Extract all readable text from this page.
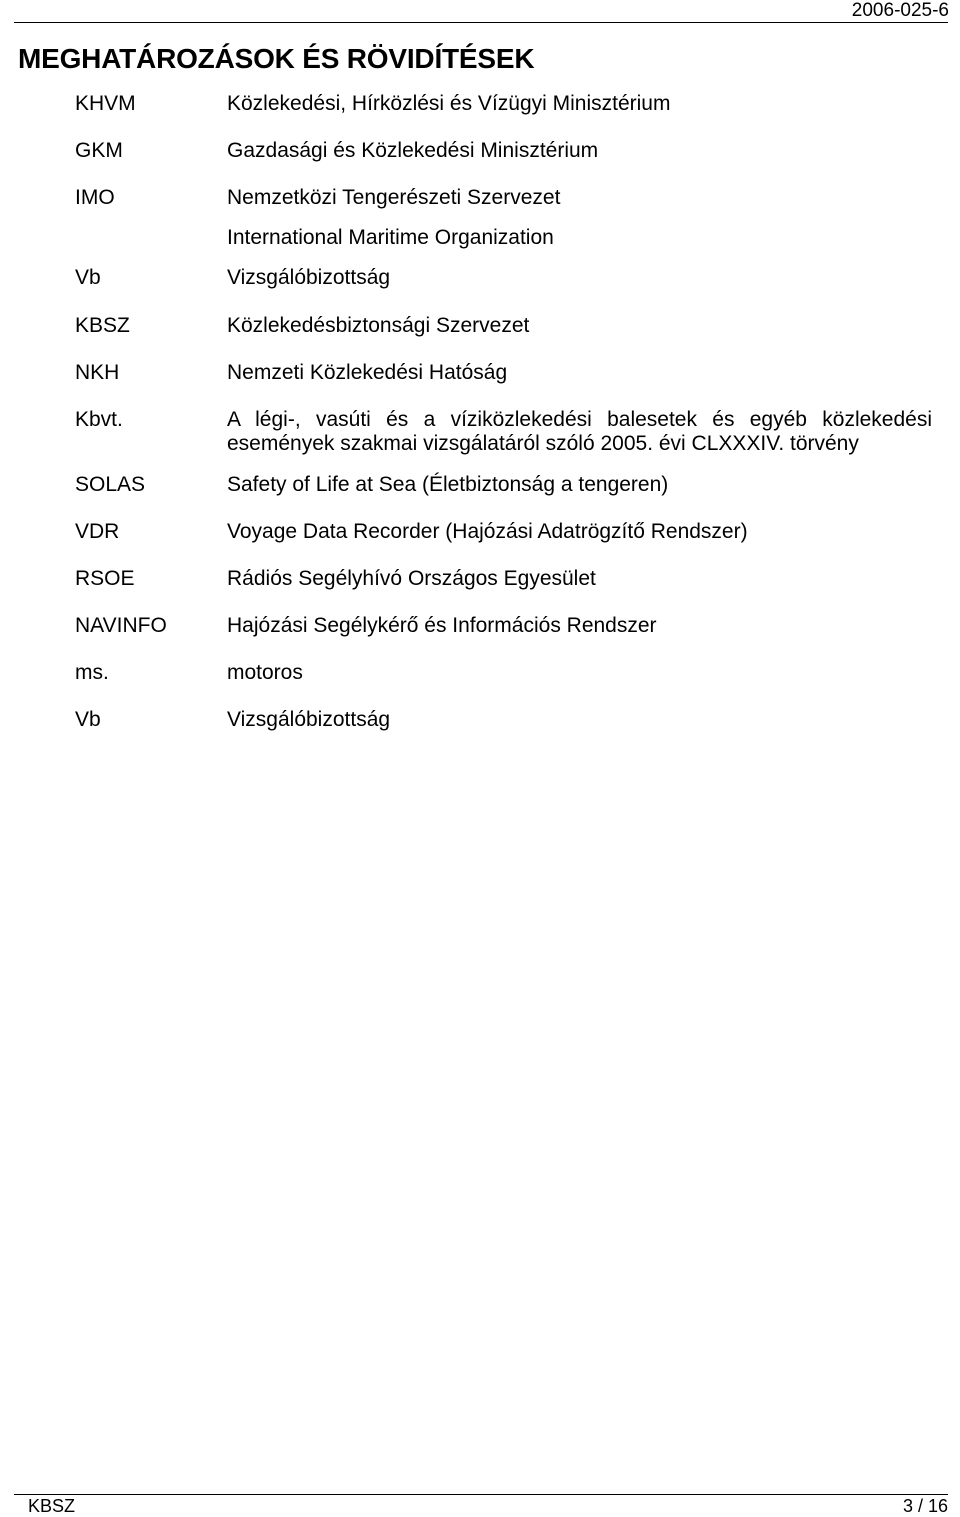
2006-025-6
MEGHATÁROZÁSOK ÉS RÖVIDÍTÉSEK
KHVM	Közlekedési, Hírközlési és Vízügyi Minisztérium
GKM	Gazdasági és Közlekedési Minisztérium
IMO	Nemzetközi Tengerészeti Szervezet
International Maritime Organization
Vb	Vizsgálóbizottság
KBSZ	Közlekedésbiztonsági Szervezet
NKH	Nemzeti Közlekedési Hatóság
Kbvt.	A légi-, vasúti és a víziközlekedési balesetek és egyéb közlekedési
események szakmai vizsgálatáról szóló 2005. évi CLXXXIV. törvény
SOLAS	Safety of Life at Sea (Életbiztonság a tengeren)
VDR	Voyage Data Recorder (Hajózási Adatrögzítő Rendszer)
RSOE	Rádiós Segélyhívó Országos Egyesület
NAVINFO	Hajózási Segélykérő és Információs Rendszer
ms.	motoros
Vb	Vizsgálóbizottság
KBSZ	3 / 16
